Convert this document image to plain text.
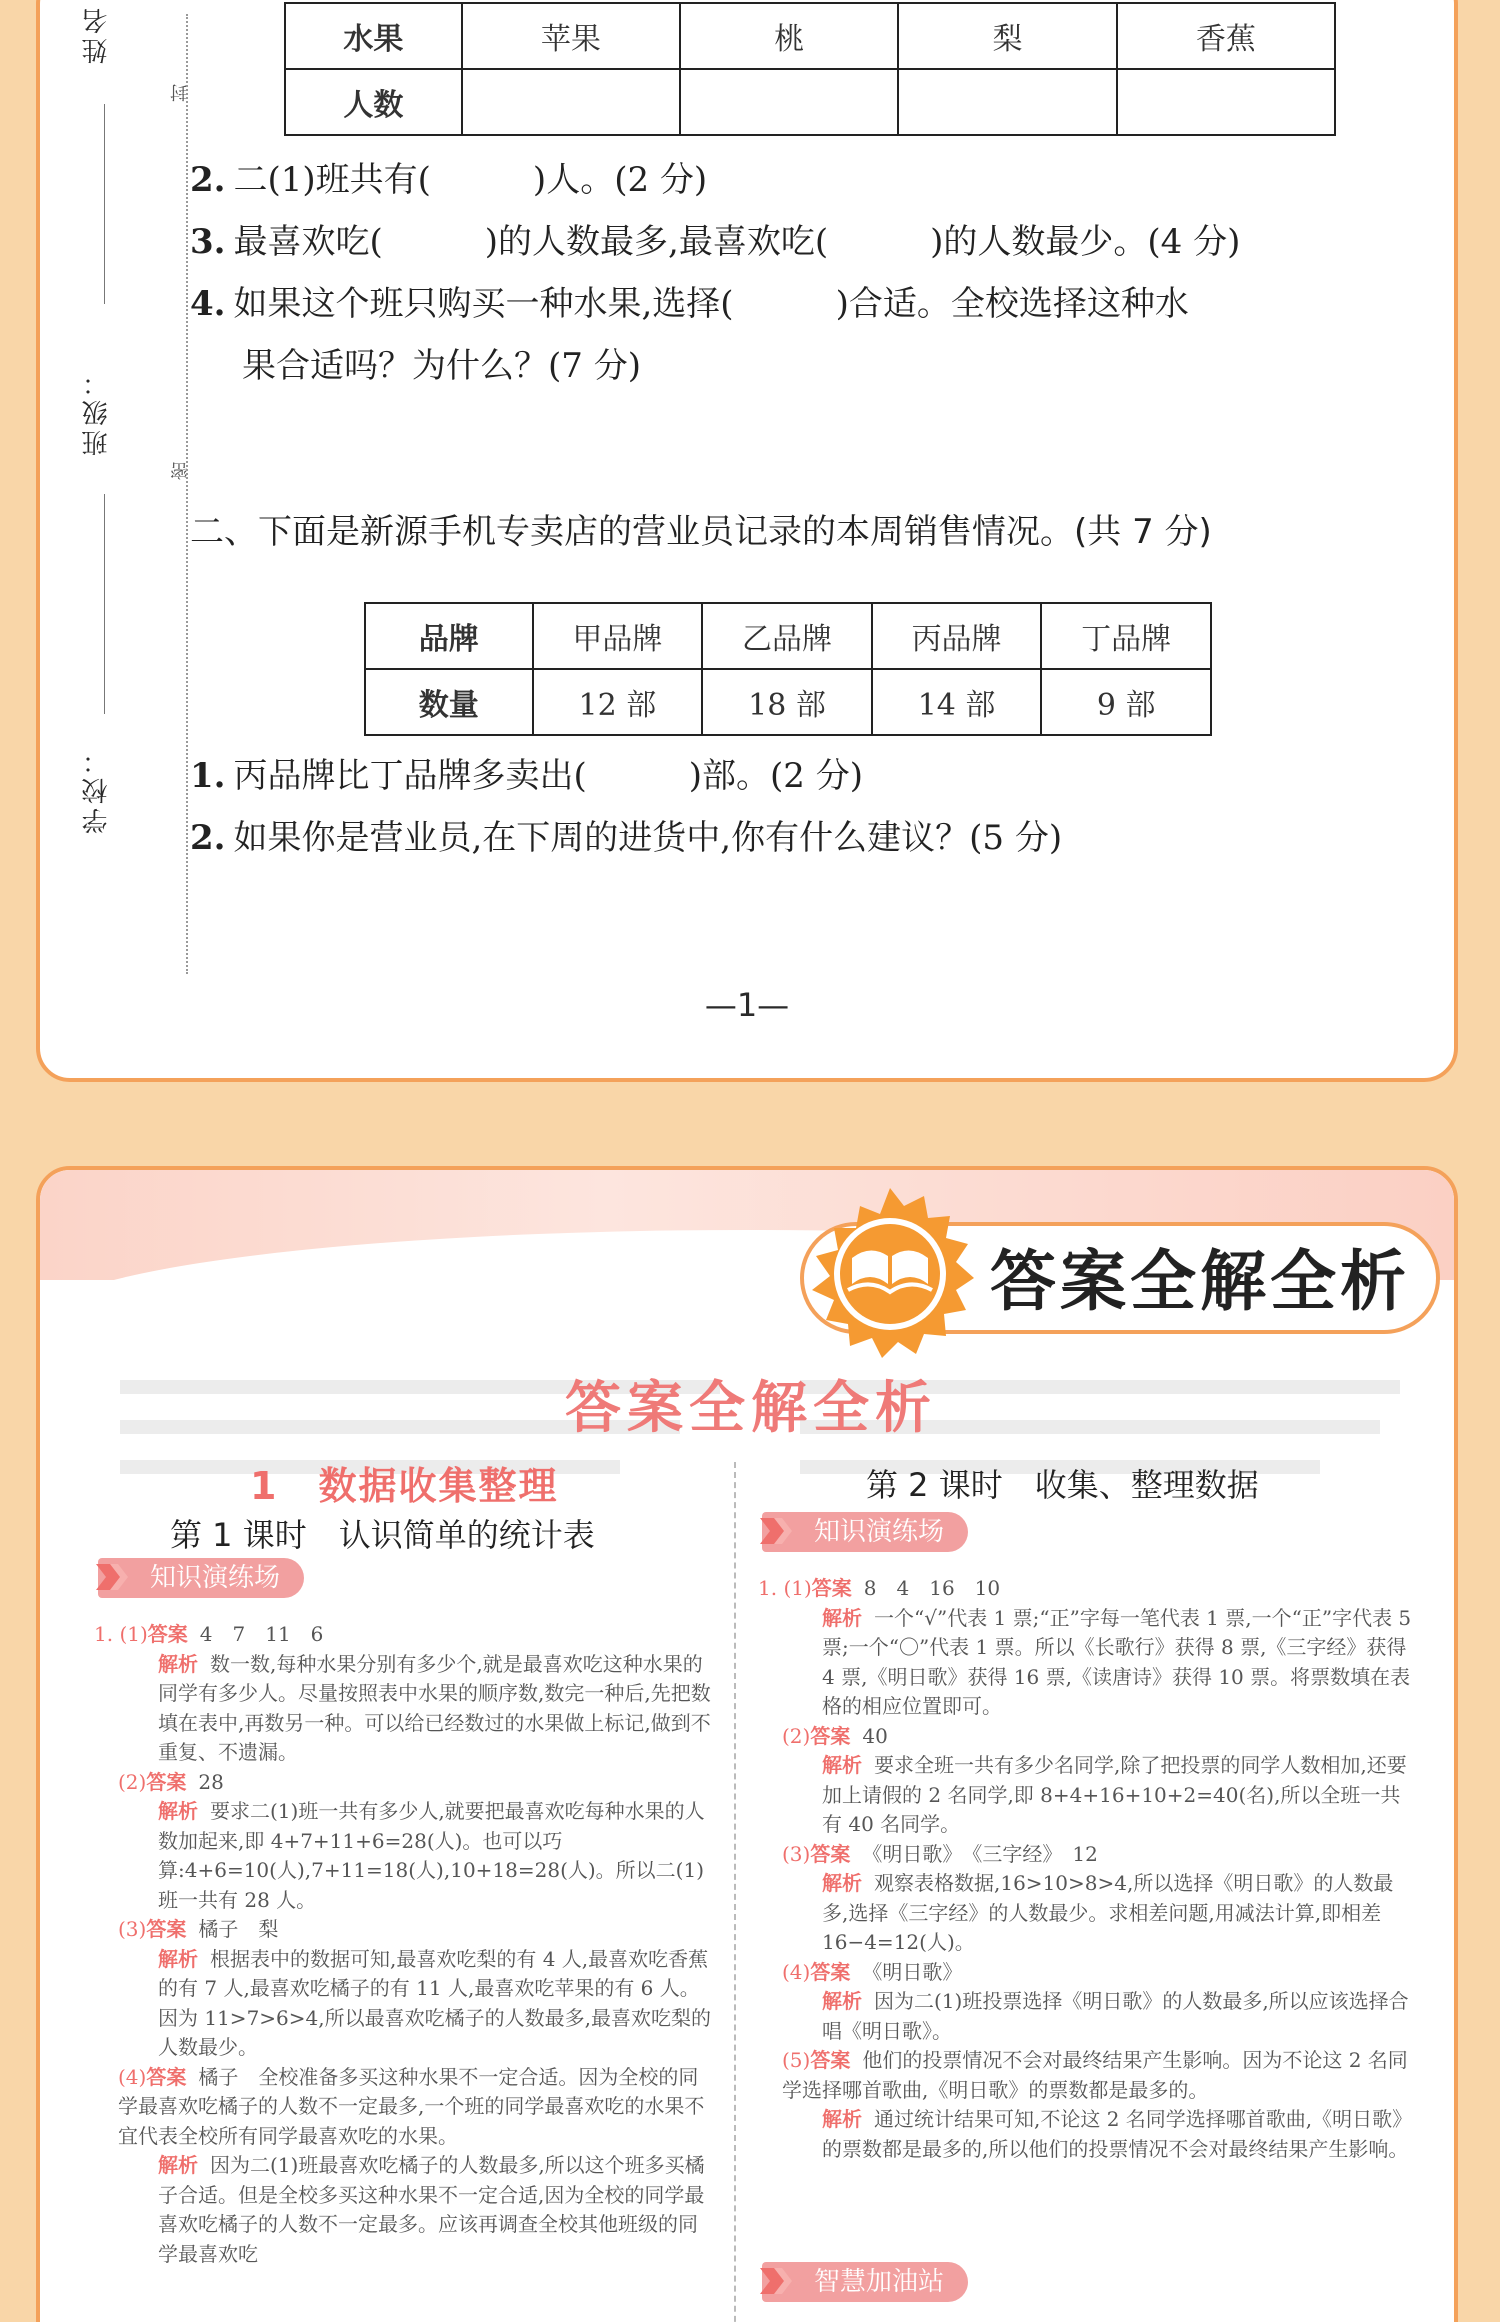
姓名
封
班级：
密
学校：
水果	苹果	桃	梨	香蕉
人数				
2. 二(1)班共有(　　　)人。(2 分)
3. 最喜欢吃(　　　)的人数最多,最喜欢吃(　　　)的人数最少。(4 分)
4. 如果这个班只购买一种水果,选择(　　　)合适。全校选择这种水
果合适吗？为什么？(7 分)
二、下面是新源手机专卖店的营业员记录的本周销售情况。(共 7 分)
品牌	甲品牌	乙品牌	丙品牌	丁品牌
数量	12 部	18 部	14 部	9 部
1. 丙品牌比丁品牌多卖出(　　　)部。(2 分)
2. 如果你是营业员,在下周的进货中,你有什么建议？(5 分)
—1—
答案全解全析
答案全解全析
1　数据收集整理
第 1 课时　认识简单的统计表
知识演练场
1. (1)答案 4　7　11　6
解析 数一数,每种水果分别有多少个,就是最喜欢吃这种水果的同学有多少人。尽量按照表中水果的顺序数,数完一种后,先把数填在表中,再数另一种。可以给已经数过的水果做上标记,做到不重复、不遗漏。
(2)答案 28
解析 要求二(1)班一共有多少人,就要把最喜欢吃每种水果的人数加起来,即 4+7+11+6=28(人)。也可以巧算:4+6=10(人),7+11=18(人),10+18=28(人)。所以二(1)班一共有 28 人。
(3)答案 橘子　梨
解析 根据表中的数据可知,最喜欢吃梨的有 4 人,最喜欢吃香蕉的有 7 人,最喜欢吃橘子的有 11 人,最喜欢吃苹果的有 6 人。因为 11>7>6>4,所以最喜欢吃橘子的人数最多,最喜欢吃梨的人数最少。
(4)答案 橘子　全校准备多买这种水果不一定合适。因为全校的同学最喜欢吃橘子的人数不一定最多,一个班的同学最喜欢吃的水果不宜代表全校所有同学最喜欢吃的水果。
解析 因为二(1)班最喜欢吃橘子的人数最多,所以这个班多买橘子合适。但是全校多买这种水果不一定合适,因为全校的同学最喜欢吃橘子的人数不一定最多。应该再调查全校其他班级的同学最喜欢吃
第 2 课时　收集、整理数据
知识演练场
1. (1)答案 8　4　16　10
解析 一个“√”代表 1 票;“正”字每一笔代表 1 票,一个“正”字代表 5 票;一个“〇”代表 1 票。所以《长歌行》获得 8 票,《三字经》获得 4 票,《明日歌》获得 16 票,《读唐诗》获得 10 票。将票数填在表格的相应位置即可。
(2)答案 40
解析 要求全班一共有多少名同学,除了把投票的同学人数相加,还要加上请假的 2 名同学,即 8+4+16+10+2=40(名),所以全班一共有 40 名同学。
(3)答案 《明日歌》　《三字经》　12
解析 观察表格数据,16>10>8>4,所以选择《明日歌》的人数最多,选择《三字经》的人数最少。求相差问题,用减法计算,即相差 16−4=12(人)。
(4)答案 《明日歌》
解析 因为二(1)班投票选择《明日歌》的人数最多,所以应该选择合唱《明日歌》。
(5)答案 他们的投票情况不会对最终结果产生影响。因为不论这 2 名同学选择哪首歌曲,《明日歌》的票数都是最多的。
解析 通过统计结果可知,不论这 2 名同学选择哪首歌曲,《明日歌》的票数都是最多的,所以他们的投票情况不会对最终结果产生影响。
智慧加油站
